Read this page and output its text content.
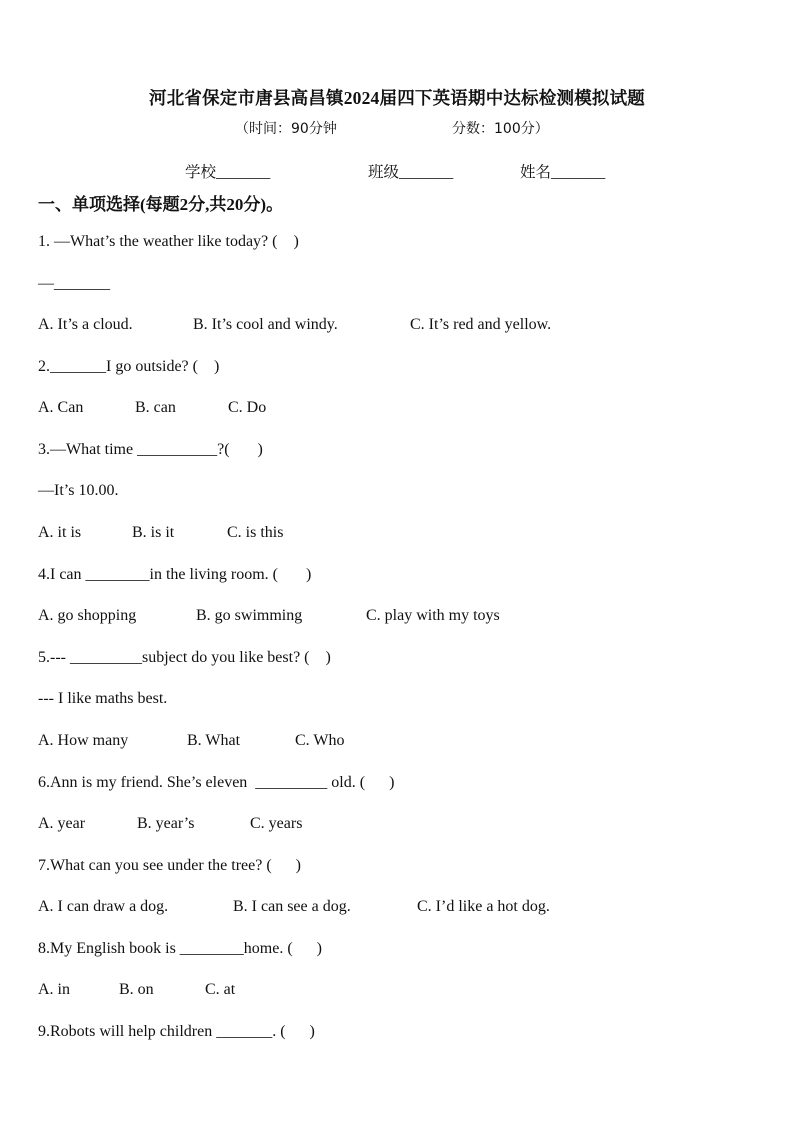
河北省保定市唐县高昌镇2024届四下英语期中达标检测模拟试题
（时间：90分钟	分数：100分）
学校_______	班级_______	姓名_______
一、单项选择(每题2分,共20分)。
1. —What’s the weather like today? (    )
—_______
A. It’s a cloud.	B. It’s cool and windy.	C. It’s red and yellow.
2._______I go outside? (    )
A. Can	B. can	C. Do
3.—What time __________?(       )
—It’s 10.00.
A. it is	B. is it	C. is this
4.I can ________in the living room. (       )
A. go shopping	B. go swimming	C. play with my toys
5.--- _________subject do you like best? (    )
--- I like maths best.
A. How many	B. What	C. Who
6.Ann is my friend. She’s eleven  _________ old. (      )
A. year	B. year’s	C. years
7.What can you see under the tree? (      )
A. I can draw a dog.	B. I can see a dog.	C. I’d like a hot dog.
8.My English book is ________home. (      )
A. in	B. on	C. at
9.Robots will help children _______. (      )
